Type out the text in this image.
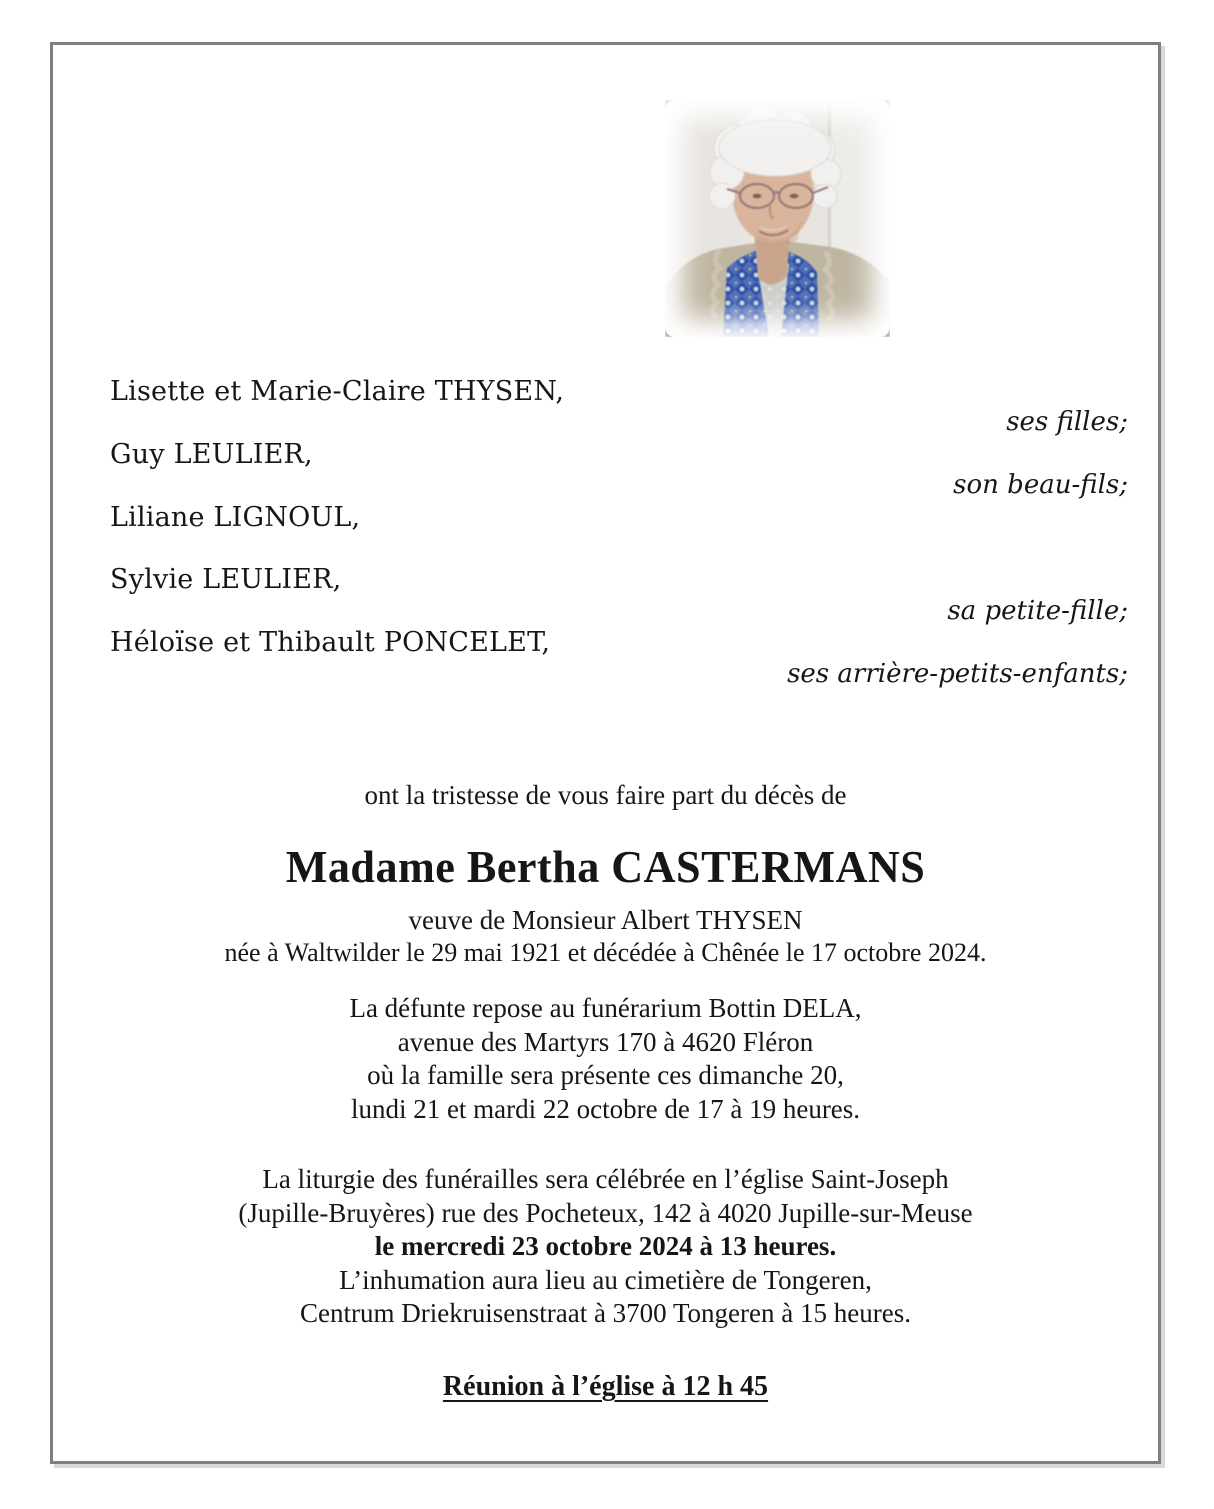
Lisette et Marie-Claire THYSEN,
ses filles;
Guy LEULIER,
son beau-fils;
Liliane LIGNOUL,
Sylvie LEULIER,
sa petite-fille;
Héloïse et Thibault PONCELET,
ses arrière-petits-enfants;
ont la tristesse de vous faire part du décès de
Madame Bertha CASTERMANS
veuve de Monsieur Albert THYSEN
née à Waltwilder le 29 mai 1921 et décédée à Chênée le 17 octobre 2024.
La défunte repose au funérarium Bottin DELA,
avenue des Martyrs 170 à 4620 Fléron
où la famille sera présente ces dimanche 20,
lundi 21 et mardi 22 octobre de 17 à 19 heures.
La liturgie des funérailles sera célébrée en l’église Saint-Joseph
(Jupille-Bruyères) rue des Pocheteux, 142 à 4020 Jupille-sur-Meuse
le mercredi 23 octobre 2024 à 13 heures.
L’inhumation aura lieu au cimetière de Tongeren,
Centrum Driekruisenstraat à 3700 Tongeren à 15 heures.
Réunion à l’église à 12 h 45
